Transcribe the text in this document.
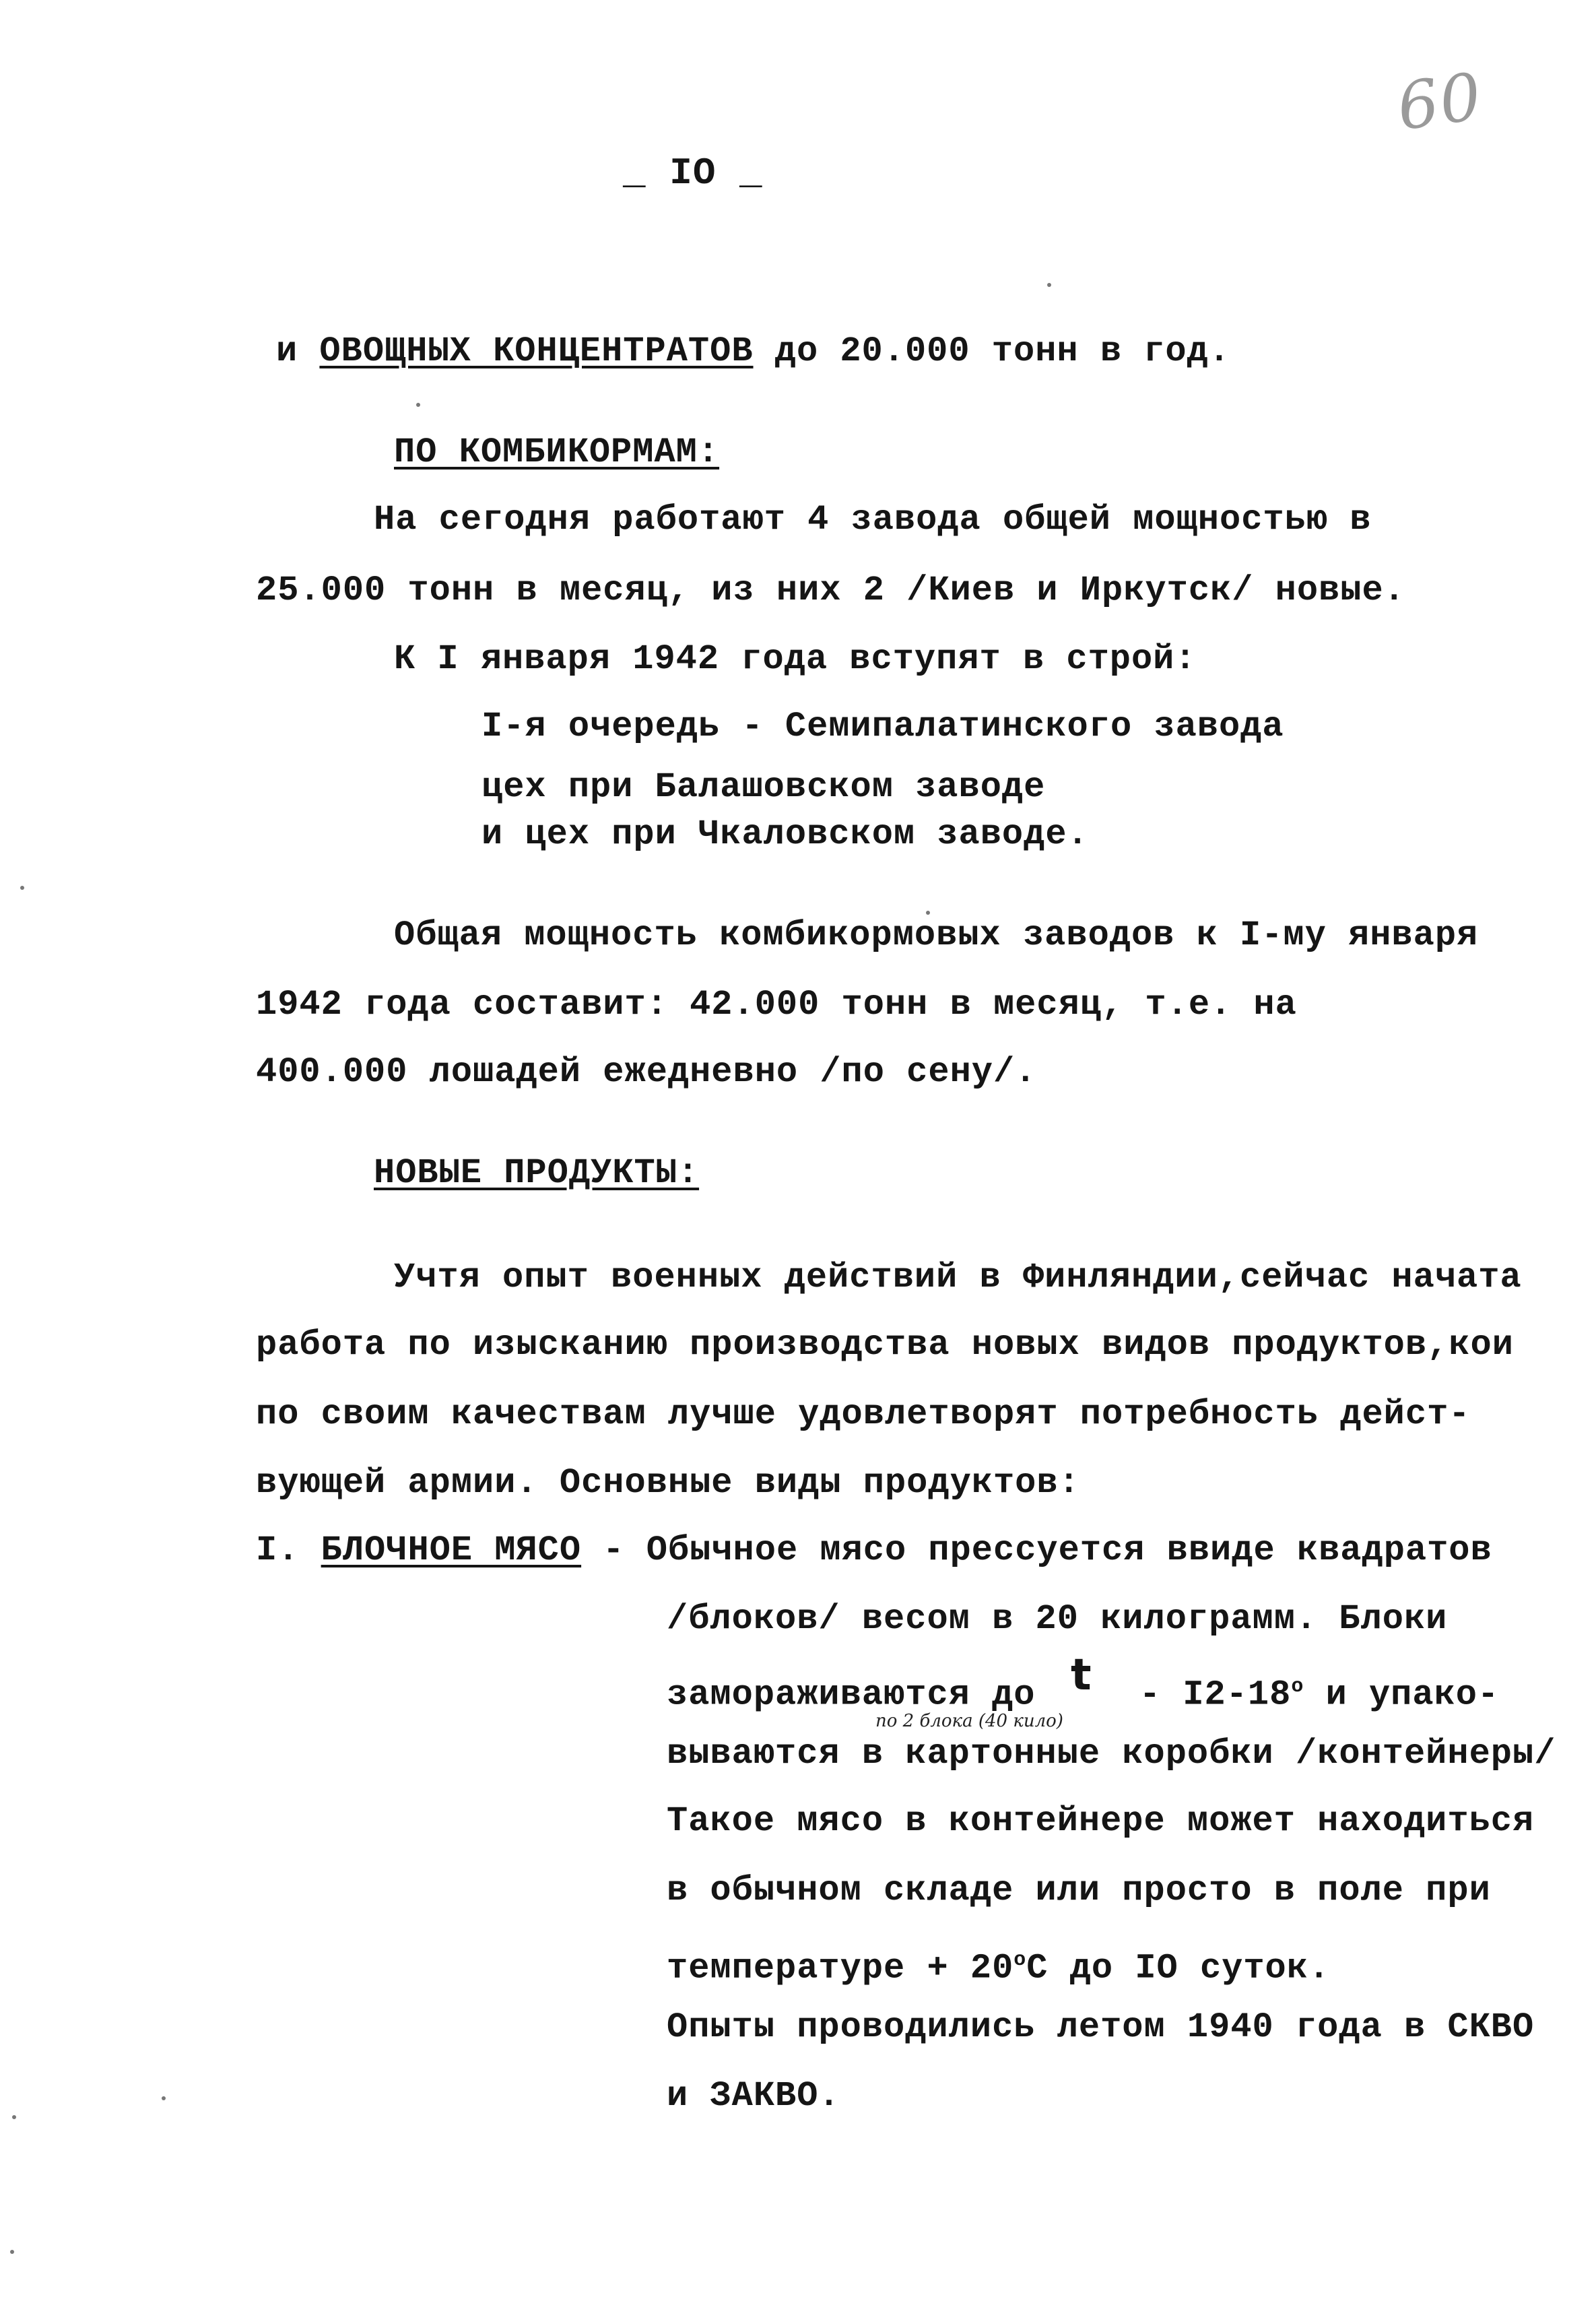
60
_ IO _
и ОВОЩНЫХ КОНЦЕНТРАТОВ до 20.000 тонн в год.
ПО КОМБИКОРМАМ:
На сегодня работают 4 завода общей мощностью в
25.000 тонн в месяц, из них 2 /Киев и Иркутск/ новые.
К I января 1942 года вступят в строй:
I-я очередь - Семипалатинского завода
цех при Балашовском заводе
и цех при Чкаловском заводе.
Общая мощность комбикормовых заводов к I-му января
1942 года составит: 42.000 тонн в месяц, т.е. на
400.000 лошадей ежедневно /по сену/.
НОВЫЕ ПРОДУКТЫ:
Учтя опыт военных действий в Финляндии,сейчас начата
работа по изысканию производства новых видов продуктов,кои
по своим качествам лучше удовлетворят потребность дейст-
вующей армии. Основные виды продуктов:
I. БЛОЧНОЕ МЯСО - Обычное мясо прессуется ввиде квадратов
/блоков/ весом в 20 килограмм. Блоки
замораживаются до  - I2-18$^o$ и упако-
t
по 2 блока (40 кило)
вываются в картонные коробки /контейнеры/
Такое мясо в контейнере может находиться
в обычном складе или просто в поле при
температуре + $20^oС$ до IO суток.
Опыты проводились летом 1940 года в СКВО
и ЗАКВО.
